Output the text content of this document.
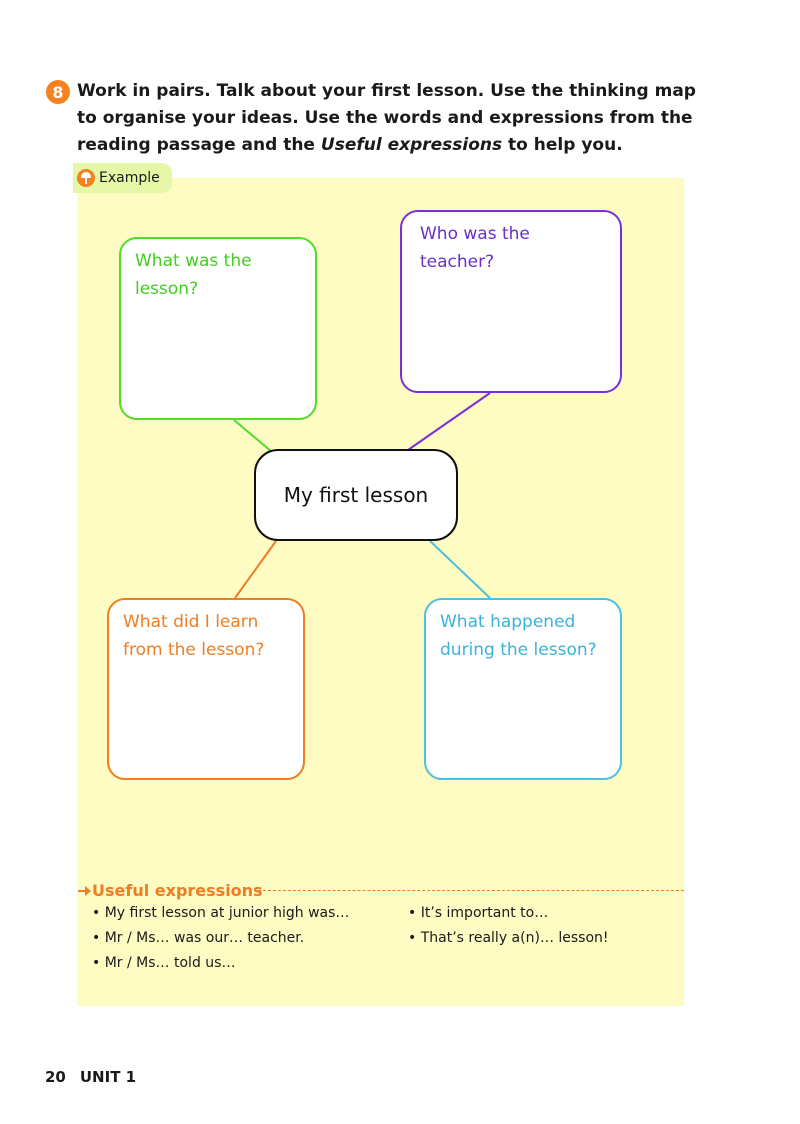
8 Work in pairs. Talk about your first lesson. Use the thinking map to organise your ideas. Use the words and expressions from the reading passage and the Useful expressions to help you.

Example
What was the lesson?
Who was the teacher?
My first lesson
What did I learn from the lesson?
What happened during the lesson?
Useful expressions
• My first lesson at junior high was…
• Mr / Ms… was our… teacher.
• Mr / Ms… told us…
• It’s important to…
• That’s really a(n)… lesson!
20 UNIT 1
